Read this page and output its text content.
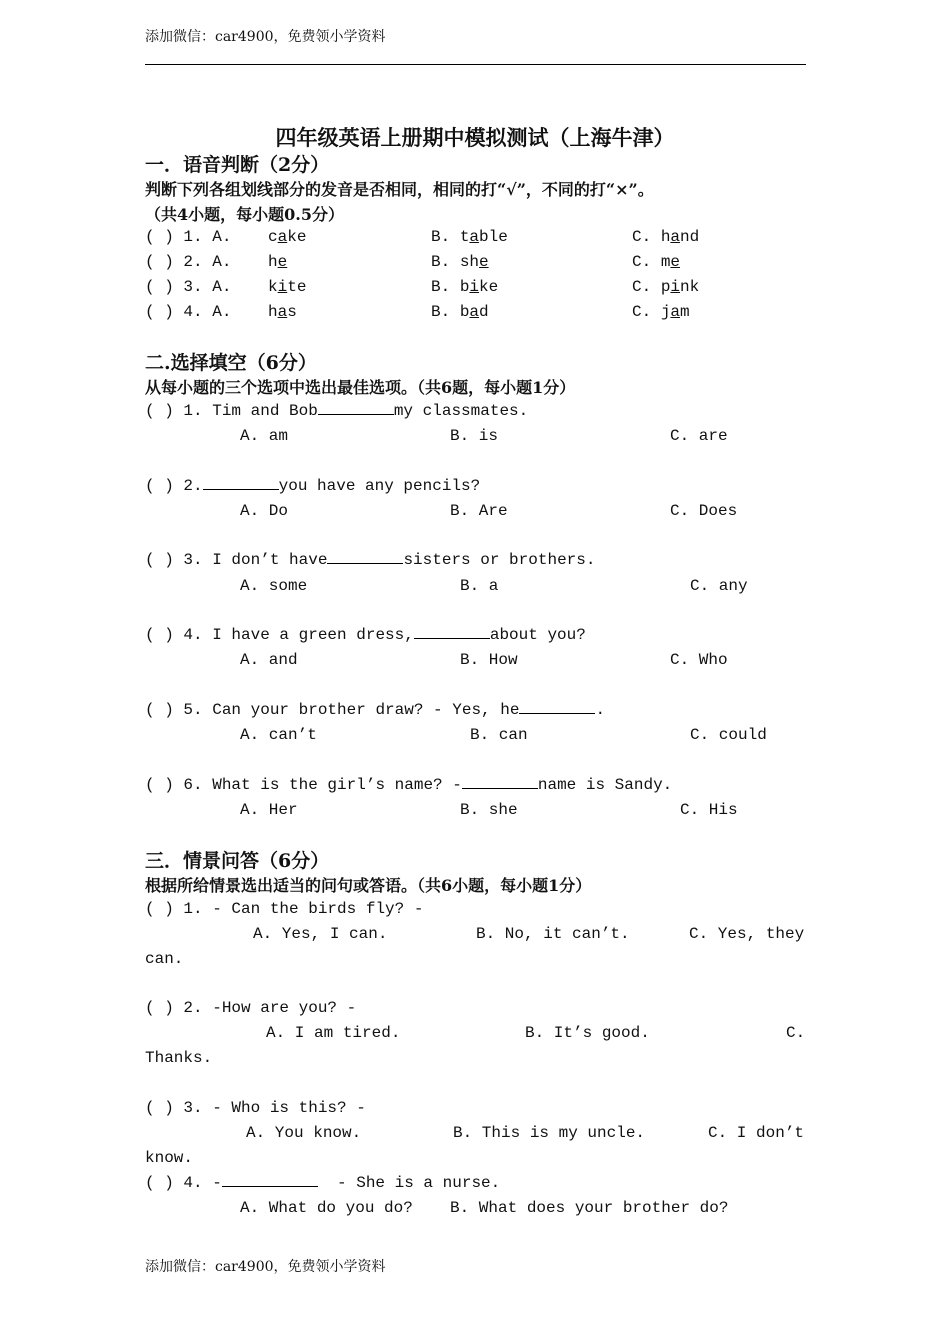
添加微信：car4900，免费领小学资料
四年级英语上册期中模拟测试（上海牛津）
一．语音判断（2分）
判断下列各组划线部分的发音是否相同，相同的打“√”，不同的打“×”。
（共4小题，每小题0.5分）
( ) 1. A. cake	B. table	C. hand
( ) 2. A. he	B. she	C. me
( ) 3. A. kite	B. bike	C. pink
( ) 4. A. has	B. bad	C. jam
二.选择填空（6分）
从每小题的三个选项中选出最佳选项。（共6题，每小题1分）
( ) 1. Tim and Bob	my classmates.
A. am	B. is	C. are
( ) 2.	you have any pencils?
A. Do	B. Are	C. Does
( ) 3. I don’t have	sisters or brothers.
A. some	B. a	C. any
( ) 4. I have a green dress,	about you?
A. and	B. How	C. Who
( ) 5. Can your brother draw? - Yes, he	.
A. can’t	B. can	C. could
( ) 6. What is the girl’s name? -	name is Sandy.
A. Her	B. she	C. His
三．情景问答（6分）
根据所给情景选出适当的问句或答语。（共6小题，每小题1分）
( ) 1. - Can the birds fly? -
A. Yes, I can.	B. No, it can’t.	C. Yes, they
can.
( ) 2. -How are you? -
A. I am tired.	B. It’s good.	C.
Thanks.
( ) 3. - Who is this? -
A. You know.	B. This is my uncle.	C. I don’t
know.
( ) 4. -	- She is a nurse.
A. What do you do? B. What does your brother do?
添加微信：car4900，免费领小学资料
